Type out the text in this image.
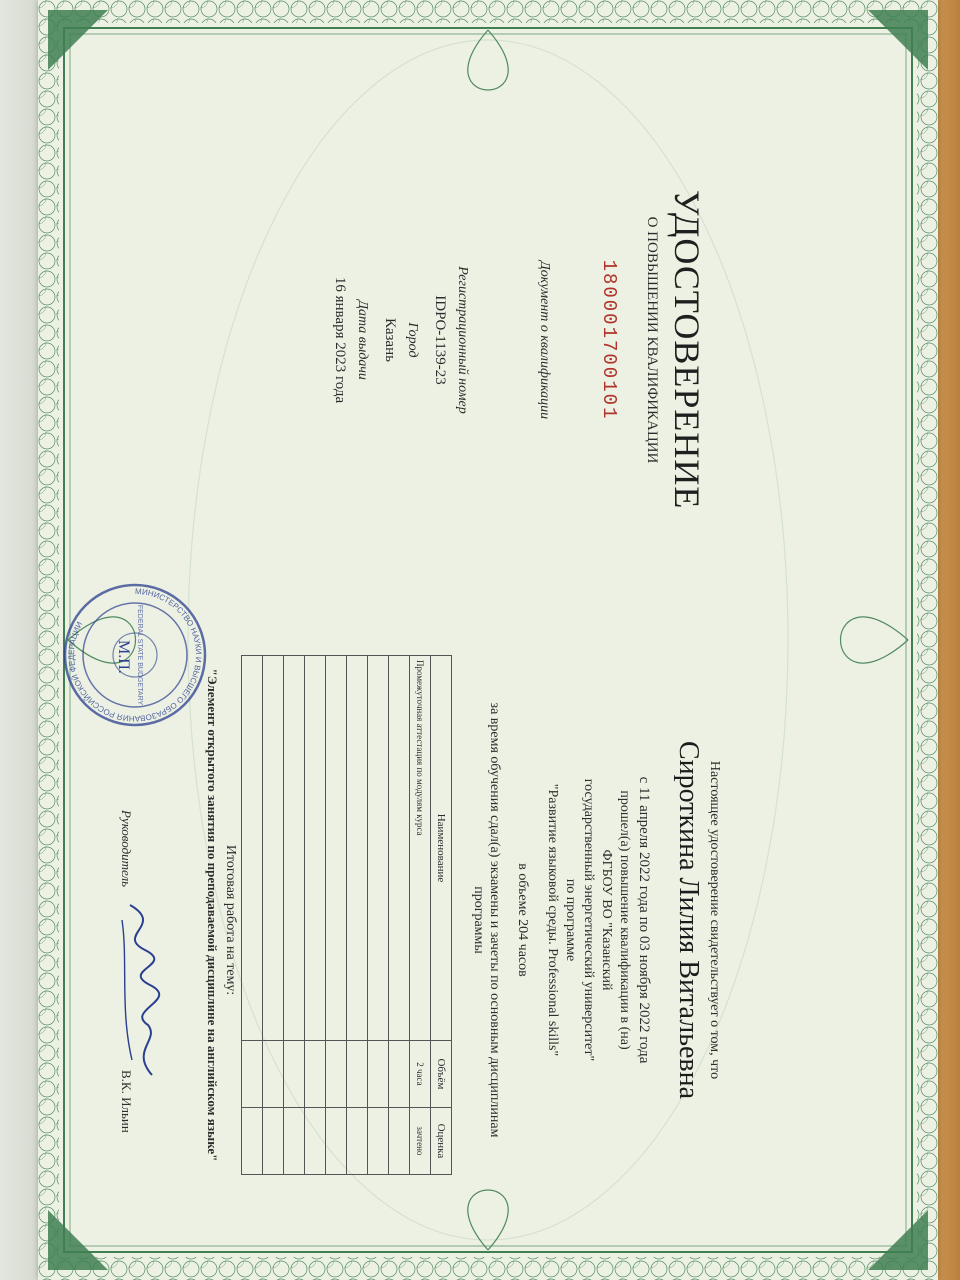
УДОСТОВЕРЕНИЕ
О ПОВЫШЕНИИ КВАЛИФИКАЦИИ
180001700101
Документ о квалификации
Регистрационный номер
IDPO-1139-23
Город
Казань
Дата выдачи
16 января 2023 года
Настоящее удостоверение свидетельствует о том, что
Сироткина Лилия Витальевна
с 11 апреля 2022 года по 03 ноября 2022 года
прошел(а) повышение квалификации в (на)
ФГБОУ ВО "Казанский
государственный энергетический университет"
по программе
"Развитие языковой среды. Professional skills"
в объеме 204 часов
за время обучения сдал(а) экзамены и зачеты по основным дисциплинам
программы
Наименование	Объём	Оценка
Промежуточная аттестация по модулям курса	2 часа	зачтено

Итоговая работа на тему:
"Элемент открытого занятия по преподаваемой дисциплине на английском языке"
МИНИСТЕРСТВО НАУКИ И ВЫСШЕГО ОБРАЗОВАНИЯ РОССИЙСКОЙ ФЕДЕРАЦИИ	FEDERAL STATE BUDGETARY
М.П.
Руководитель
В.К. Ильин
